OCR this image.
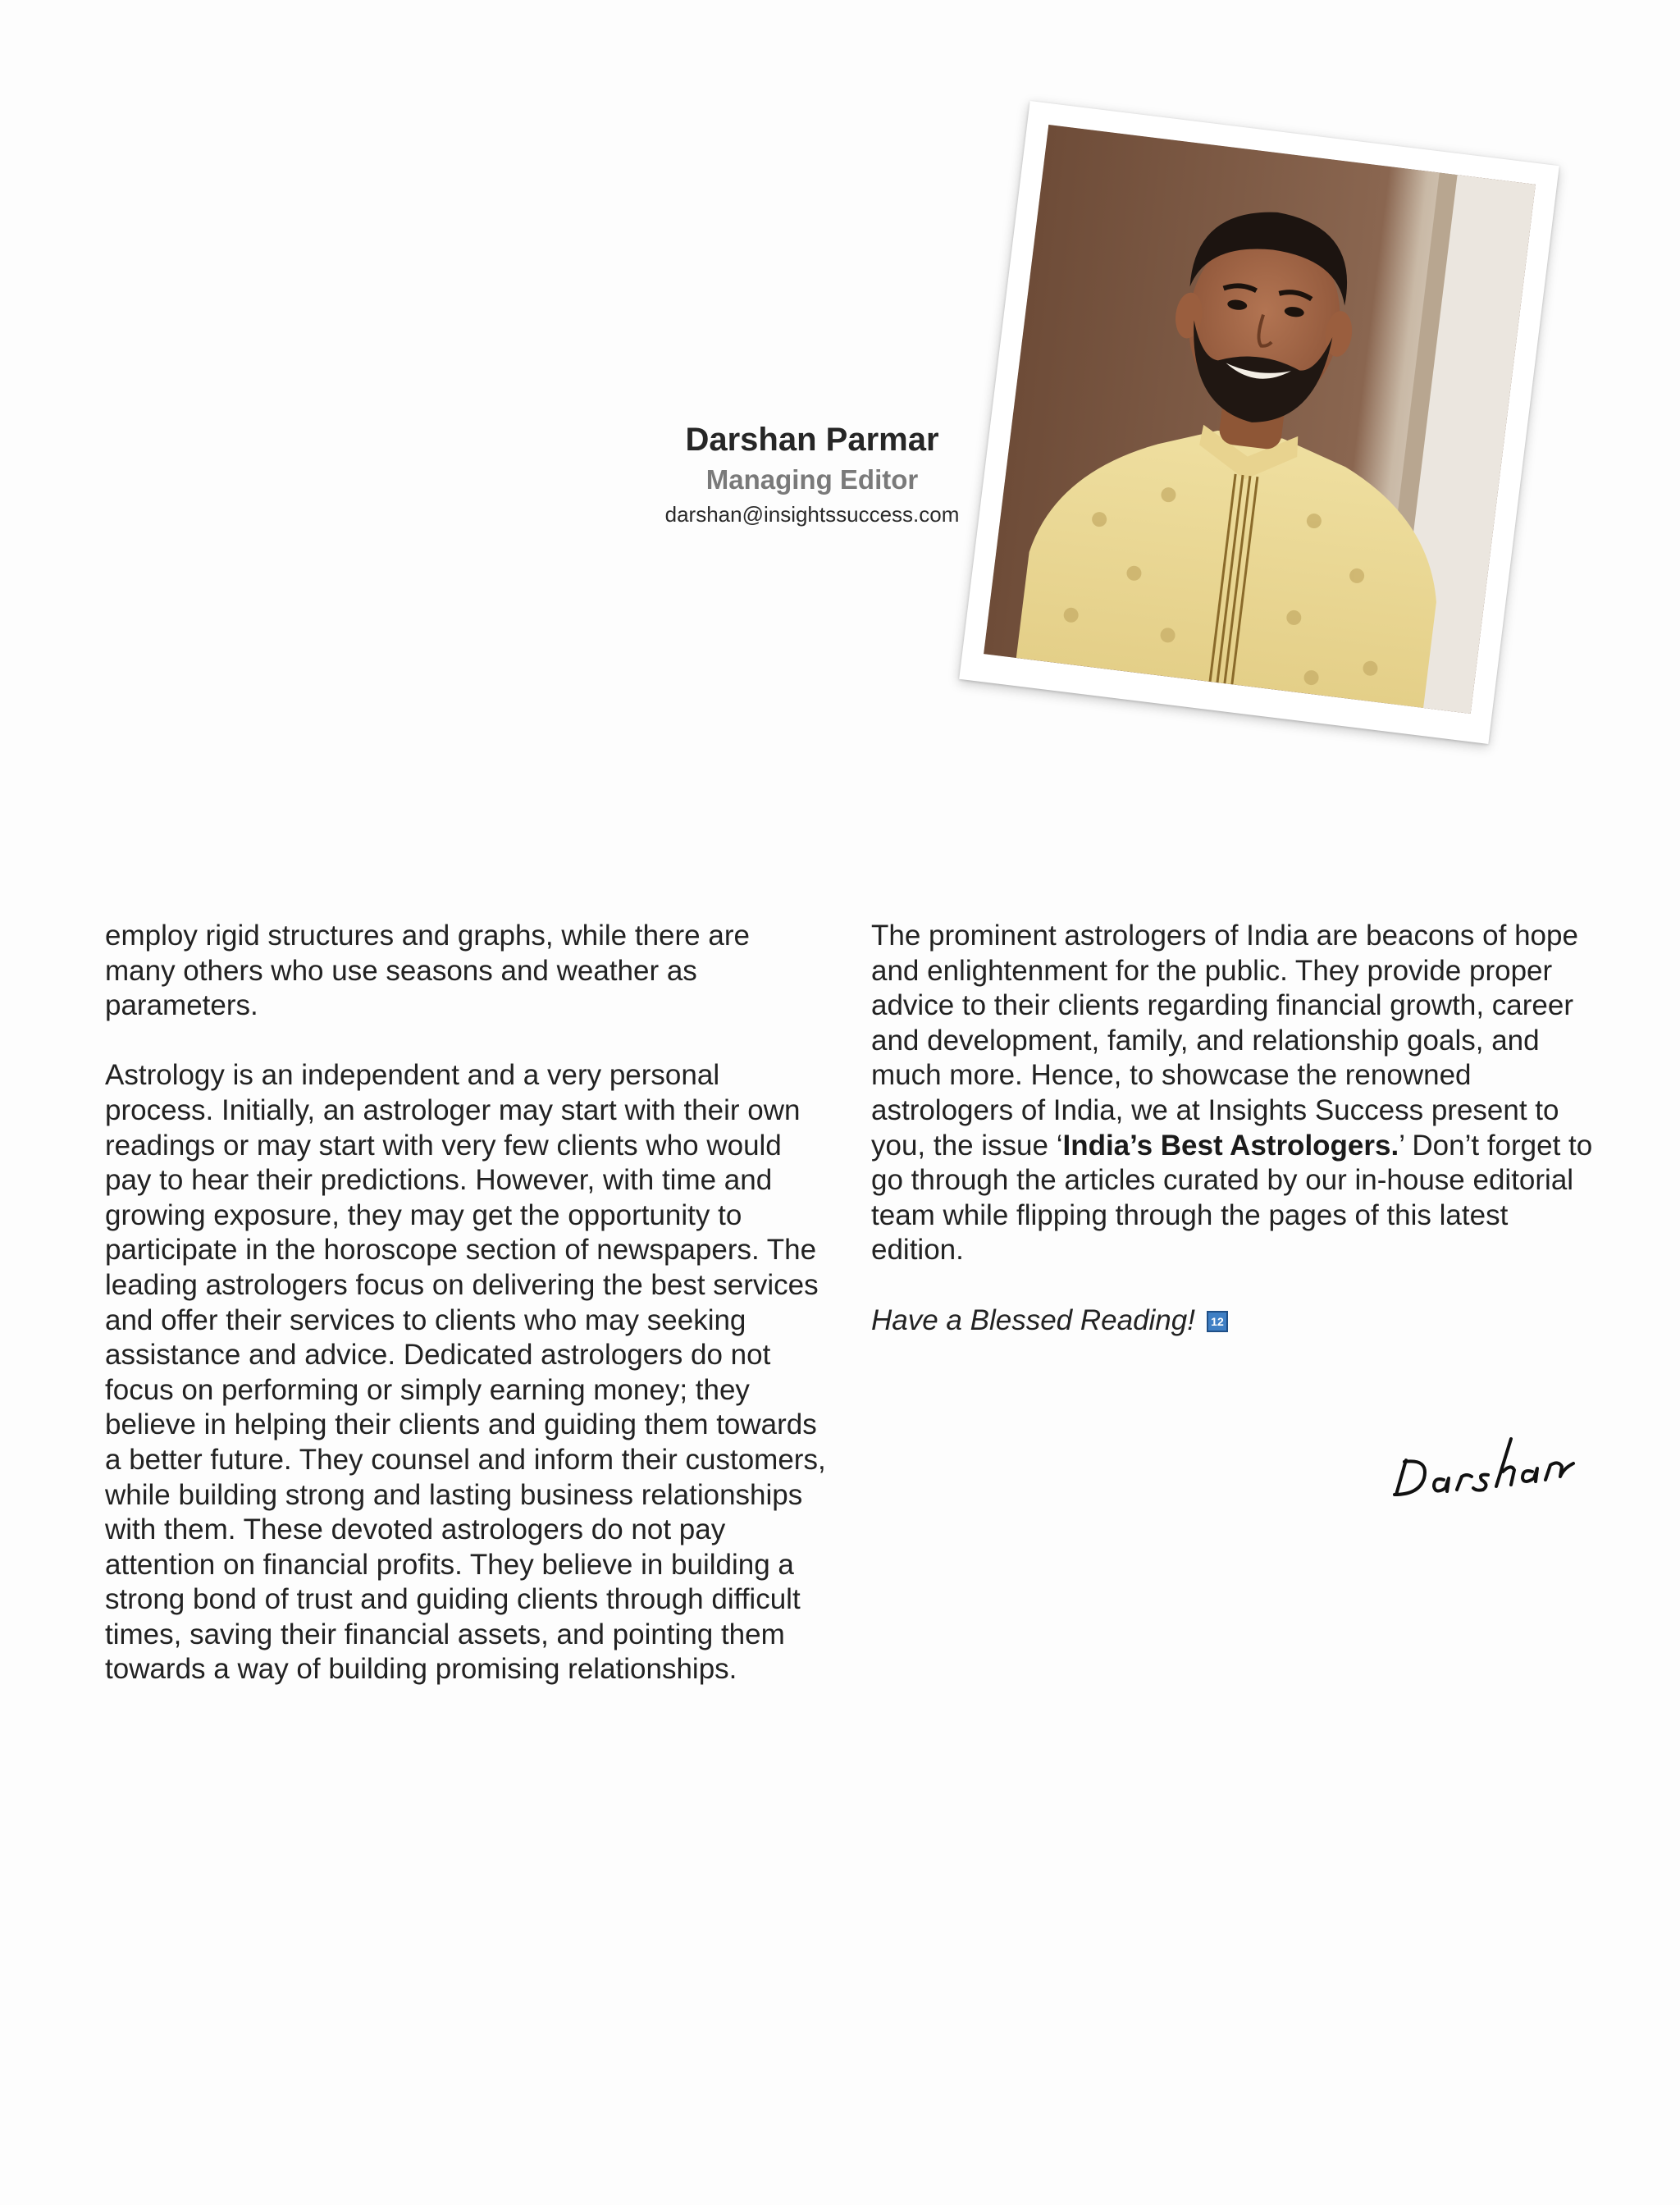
Darshan Parmar

Managing Editor

darshan@insightssuccess.com

employ rigid structures and graphs, while there are many others who use seasons and weather as parameters.

Astrology is an independent and a very personal process. Initially, an astrologer may start with their own readings or may start with very few clients who would pay to hear their predictions. However, with time and growing exposure, they may get the opportunity to participate in the horoscope section of newspapers. The leading astrologers focus on delivering the best services and offer their services to clients who may seeking assistance and advice. Dedicated astrologers do not focus on performing or simply earning money; they believe in helping their clients and guiding them towards a better future. They counsel and inform their customers, while building strong and lasting business relationships with them. These devoted astrologers do not pay attention on financial profits. They believe in building a strong bond of trust and guiding clients through difficult times, saving their financial assets, and pointing them towards a way of building promising relationships.

The prominent astrologers of India are beacons of hope and enlightenment for the public. They provide proper advice to their clients regarding financial growth, career and development, family, and relationship goals, and much more. Hence, to showcase the renowned astrologers of India, we at Insights Success present to you, the issue ‘India’s Best Astrologers.’ Don’t forget to go through the articles curated by our in-house editorial team while flipping through the pages of this latest edition.

Have a Blessed Reading! 12
